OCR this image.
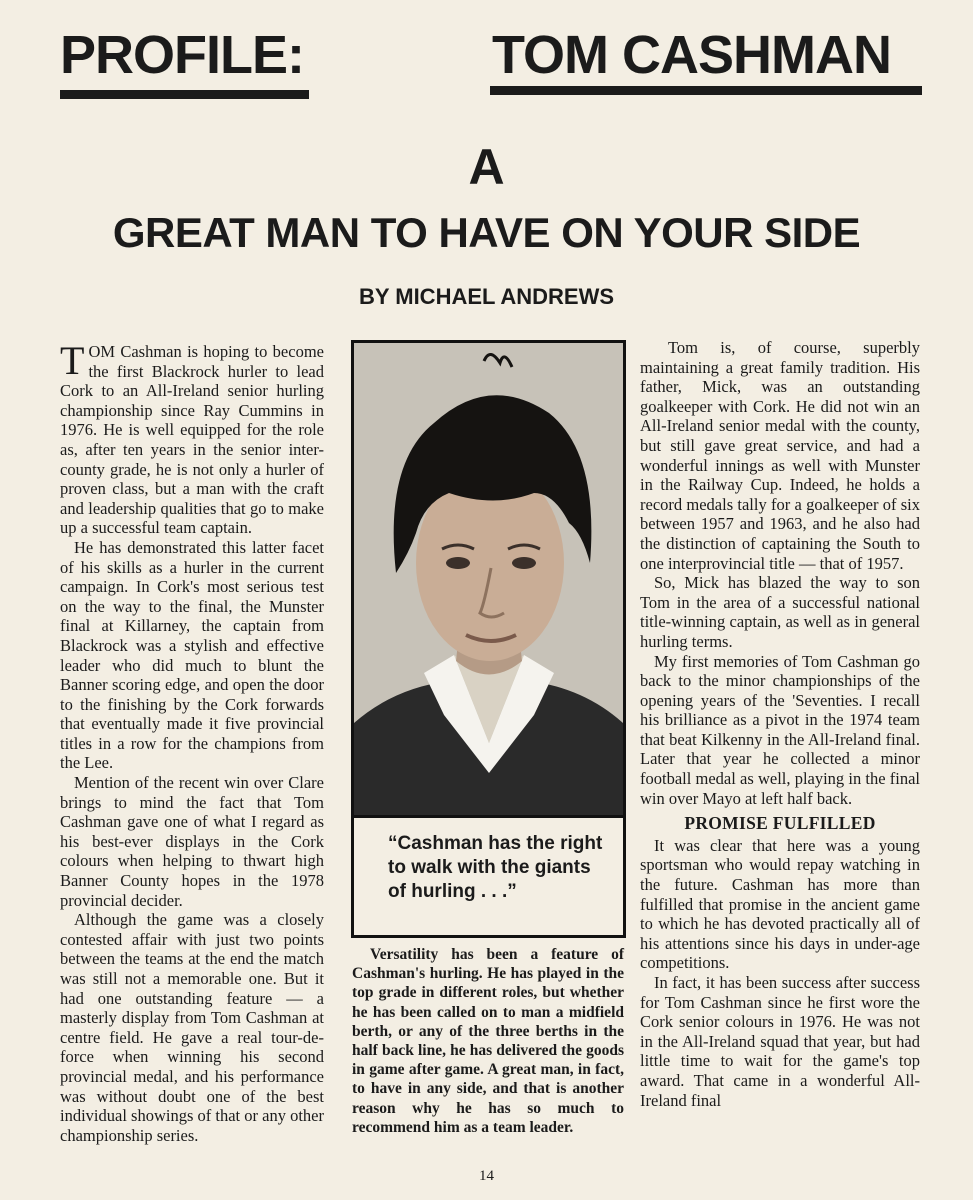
PROFILE:	TOM CASHMAN
A
GREAT MAN TO HAVE ON YOUR SIDE
BY MICHAEL ANDREWS

TOM Cashman is hoping to become the first Blackrock hurler to lead Cork to an All-Ireland senior hurling championship since Ray Cummins in 1976. He is well equipped for the role as, after ten years in the senior inter-county grade, he is not only a hurler of proven class, but a man with the craft and leadership qualities that go to make up a successful team captain.

He has demonstrated this latter facet of his skills as a hurler in the current campaign. In Cork's most serious test on the way to the final, the Munster final at Killarney, the captain from Blackrock was a stylish and effective leader who did much to blunt the Banner scoring edge, and open the door to the finishing by the Cork forwards that eventually made it five provincial titles in a row for the champions from the Lee.

Mention of the recent win over Clare brings to mind the fact that Tom Cashman gave one of what I regard as his best-ever displays in the Cork colours when helping to thwart high Banner County hopes in the 1978 provincial decider.

Although the game was a closely contested affair with just two points between the teams at the end the match was still not a memorable one. But it had one outstanding feature — a masterly display from Tom Cashman at centre field. He gave a real tour-de-force when winning his second provincial medal, and his performance was without doubt one of the best individual showings of that or any other championship series.

“Cashman has the right to walk with the giants of hurling . . .”

Versatility has been a feature of Cashman's hurling. He has played in the top grade in different roles, but whether he has been called on to man a midfield berth, or any of the three berths in the half back line, he has delivered the goods in game after game. A great man, in fact, to have in any side, and that is another reason why he has so much to recommend him as a team leader.

Tom is, of course, superbly maintaining a great family tradition. His father, Mick, was an outstanding goalkeeper with Cork. He did not win an All-Ireland senior medal with the county, but still gave great service, and had a wonderful innings as well with Munster in the Railway Cup. Indeed, he holds a record medals tally for a goalkeeper of six between 1957 and 1963, and he also had the distinction of captaining the South to one interprovincial title — that of 1957.

So, Mick has blazed the way to son Tom in the area of a successful national title-winning captain, as well as in general hurling terms.

My first memories of Tom Cashman go back to the minor championships of the opening years of the 'Seventies. I recall his brilliance as a pivot in the 1974 team that beat Kilkenny in the All-Ireland final. Later that year he collected a minor football medal as well, playing in the final win over Mayo at left half back.

PROMISE FULFILLED

It was clear that here was a young sportsman who would repay watching in the future. Cashman has more than fulfilled that promise in the ancient game to which he has devoted practically all of his attentions since his days in under-age competitions.

In fact, it has been success after success for Tom Cashman since he first wore the Cork senior colours in 1976. He was not in the All-Ireland squad that year, but had little time to wait for the game's top award. That came in a wonderful All-Ireland final

14
